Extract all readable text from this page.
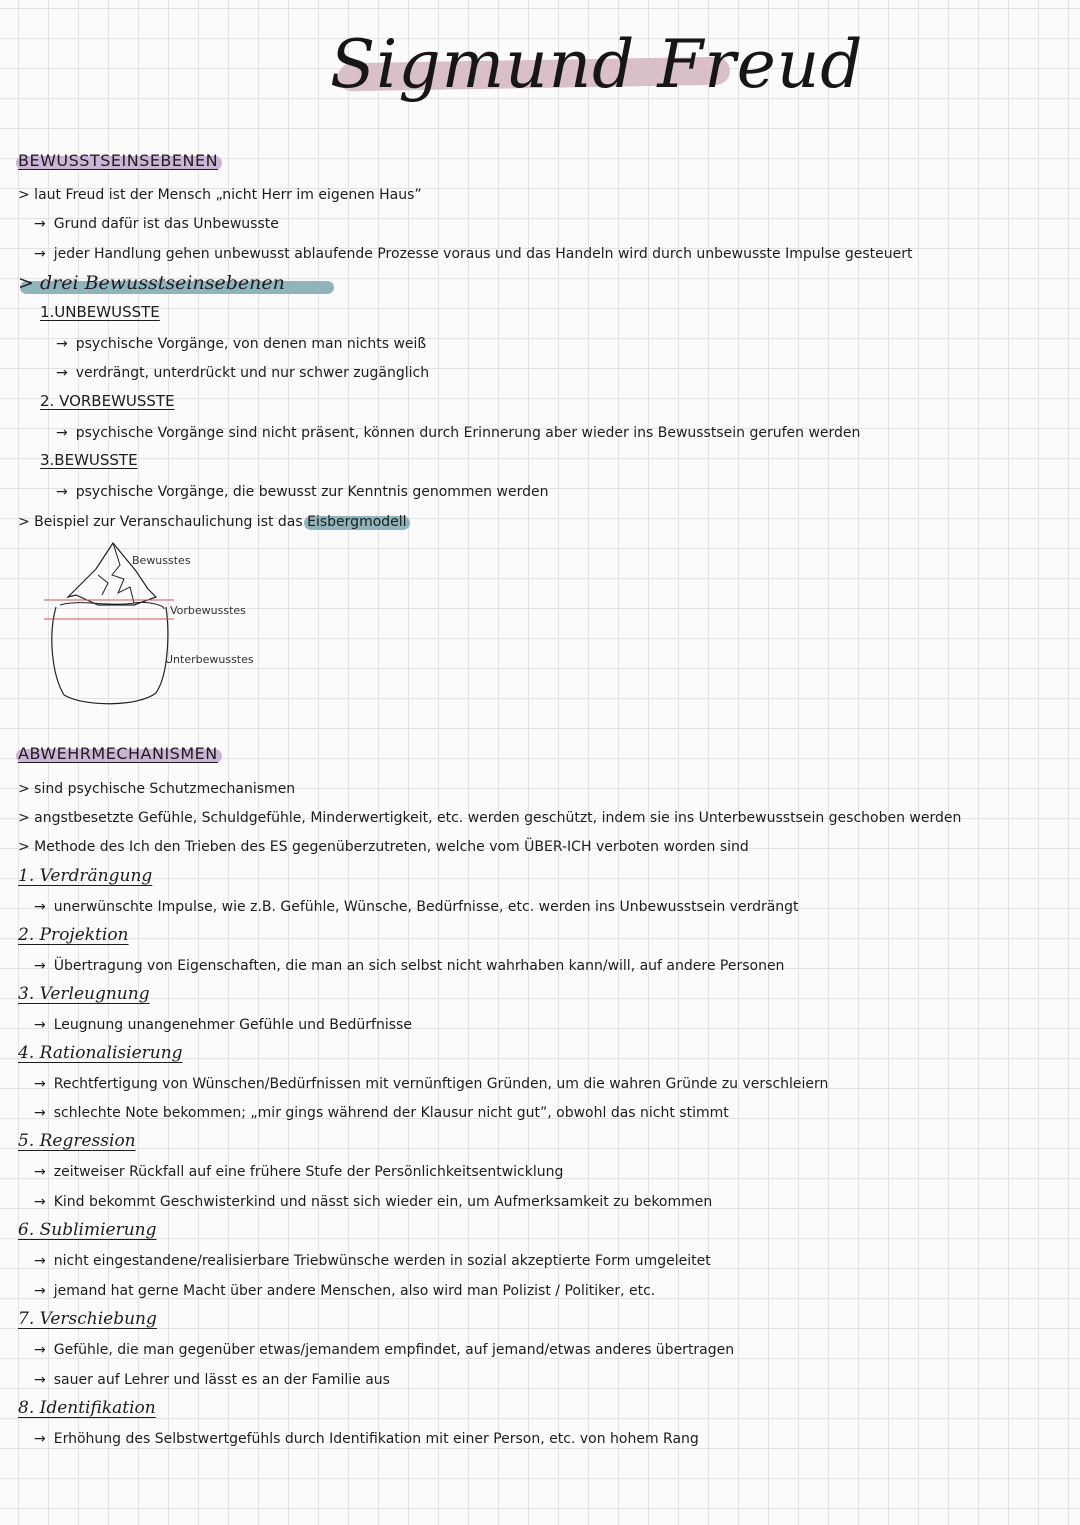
Sigmund Freud
BEWUSSTSEINSEBENEN
> laut Freud ist der Mensch „nicht Herr im eigenen Haus”
→ Grund dafür ist das Unbewusste
→ jeder Handlung gehen unbewusst ablaufende Prozesse voraus und das Handeln wird durch unbewusste Impulse gesteuert
> drei Bewusstseinsebenen
1.UNBEWUSSTE
→ psychische Vorgänge, von denen man nichts weiß
→ verdrängt, unterdrückt und nur schwer zugänglich
2. VORBEWUSSTE
→ psychische Vorgänge sind nicht präsent, können durch Erinnerung aber wieder ins Bewusstsein gerufen werden
3.BEWUSSTE
→ psychische Vorgänge, die bewusst zur Kenntnis genommen werden
> Beispiel zur Veranschaulichung ist das Eisbergmodell
Bewusstes
Vorbewusstes
Unterbewusstes
ABWEHRMECHANISMEN
> sind psychische Schutzmechanismen
> angstbesetzte Gefühle, Schuldgefühle, Minderwertigkeit, etc. werden geschützt, indem sie ins Unterbewusstsein geschoben werden
> Methode des Ich den Trieben des ES gegenüberzutreten, welche vom ÜBER-ICH verboten worden sind
1. Verdrängung
→ unerwünschte Impulse, wie z.B. Gefühle, Wünsche, Bedürfnisse, etc. werden ins Unbewusstsein verdrängt
2. Projektion
→ Übertragung von Eigenschaften, die man an sich selbst nicht wahrhaben kann/will, auf andere Personen
3. Verleugnung
→ Leugnung unangenehmer Gefühle und Bedürfnisse
4. Rationalisierung
→ Rechtfertigung von Wünschen/Bedürfnissen mit vernünftigen Gründen, um die wahren Gründe zu verschleiern
→ schlechte Note bekommen; „mir gings während der Klausur nicht gut”, obwohl das nicht stimmt
5. Regression
→ zeitweiser Rückfall auf eine frühere Stufe der Persönlichkeitsentwicklung
→ Kind bekommt Geschwisterkind und nässt sich wieder ein, um Aufmerksamkeit zu bekommen
6. Sublimierung
→ nicht eingestandene/realisierbare Triebwünsche werden in sozial akzeptierte Form umgeleitet
→ jemand hat gerne Macht über andere Menschen, also wird man Polizist / Politiker, etc.
7. Verschiebung
→ Gefühle, die man gegenüber etwas/jemandem empfindet, auf jemand/etwas anderes übertragen
→ sauer auf Lehrer und lässt es an der Familie aus
8. Identifikation
→ Erhöhung des Selbstwertgefühls durch Identifikation mit einer Person, etc. von hohem Rang
